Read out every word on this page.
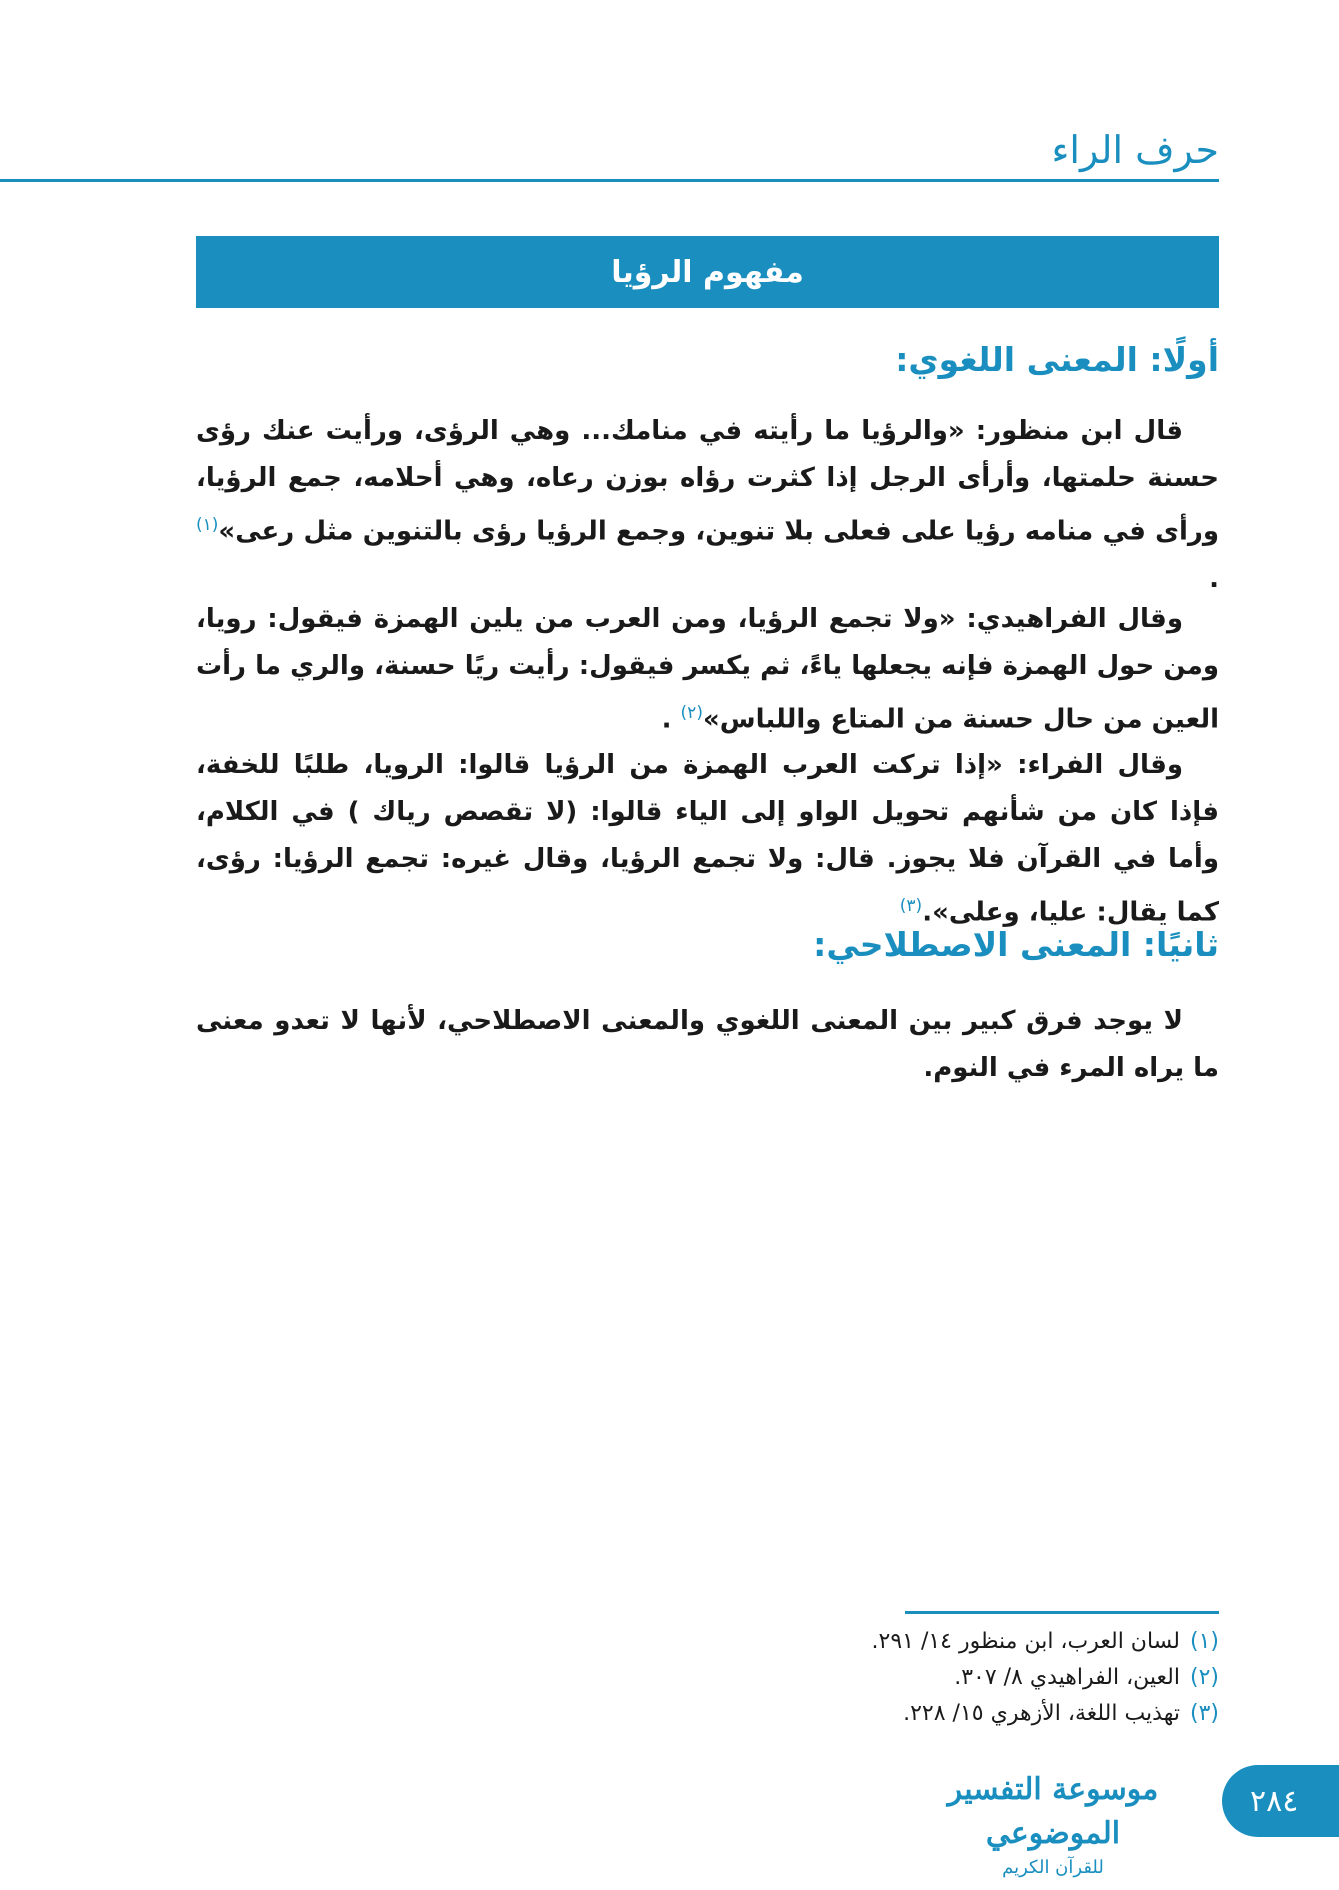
حرف الراء
مفهوم الرؤيا
أولًا: المعنى اللغوي:

قال ابن منظور: «والرؤيا ما رأيته في منامك... وهي الرؤى، ورأيت عنك رؤى حسنة حلمتها، وأرأى الرجل إذا كثرت رؤاه بوزن رعاه، وهي أحلامه، جمع الرؤيا، ورأى في منامه رؤيا على فعلى بلا تنوين، وجمع الرؤيا رؤى بالتنوين مثل رعى»$^{(١)}$ .

وقال الفراهيدي: «ولا تجمع الرؤيا، ومن العرب من يلين الهمزة فيقول: رويا، ومن حول الهمزة فإنه يجعلها ياءً، ثم يكسر فيقول: رأيت ريًا حسنة، والري ما رأت العين من حال حسنة من المتاع واللباس»$^{(٢)}$ .

وقال الفراء: «إذا تركت العرب الهمزة من الرؤيا قالوا: الرويا، طلبًا للخفة، فإذا كان من شأنهم تحويل الواو إلى الياء قالوا: (لا تقصص رياك ) في الكلام، وأما في القرآن فلا يجوز. قال: ولا تجمع الرؤيا، وقال غيره: تجمع الرؤيا: رؤى، كما يقال: عليا، وعلى».$^{(٣)}$

ثانيًا: المعنى الاصطلاحي:

لا يوجد فرق كبير بين المعنى اللغوي والمعنى الاصطلاحي، لأنها لا تعدو معنى ما يراه المرء في النوم.

(١)لسان العرب، ابن منظور ١٤/ ٢٩١.
(٢)العين، الفراهيدي ٨/ ٣٠٧.
(٣)تهذيب اللغة، الأزهري ١٥/ ٢٢٨.
موسوعة التفسير الموضوعي
للقرآن الكريم
٢٨٤
